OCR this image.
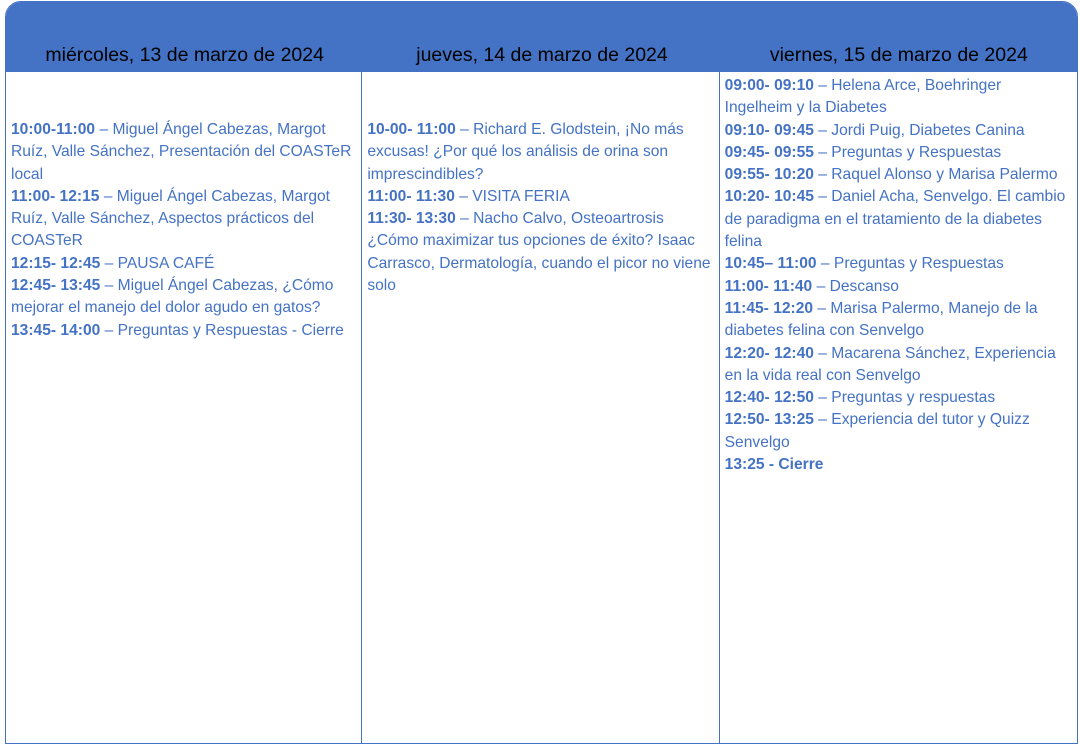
miércoles, 13 de marzo de 2024	jueves, 14 de marzo de 2024	viernes, 15 de marzo de 2024

10:00-11:00 – Miguel Ángel Cabezas, Margot Ruíz, Valle Sánchez, Presentación del COASTeR local

11:00- 12:15 – Miguel Ángel Cabezas, Margot Ruíz, Valle Sánchez, Aspectos prácticos del COASTeR

12:15- 12:45 – PAUSA CAFÉ

12:45- 13:45 – Miguel Ángel Cabezas, ¿Cómo mejorar el manejo del dolor agudo en gatos?

13:45- 14:00 – Preguntas y Respuestas - Cierre

10-00- 11:00 – Richard E. Glodstein, ¡No más excusas! ¿Por qué los análisis de orina son imprescindibles?

11:00- 11:30 – VISITA FERIA

11:30- 13:30 – Nacho Calvo, Osteoartrosis ¿Cómo maximizar tus opciones de éxito? Isaac Carrasco, Dermatología, cuando el picor no viene solo

09:00- 09:10 – Helena Arce, Boehringer Ingelheim y la Diabetes

09:10- 09:45 – Jordi Puig, Diabetes Canina

09:45- 09:55 – Preguntas y Respuestas

09:55- 10:20 – Raquel Alonso y Marisa Palermo

10:20- 10:45 – Daniel Acha, Senvelgo. El cambio de paradigma en el tratamiento de la diabetes felina

10:45– 11:00 – Preguntas y Respuestas

11:00- 11:40 – Descanso

11:45- 12:20 – Marisa Palermo, Manejo de la diabetes felina con Senvelgo

12:20- 12:40 – Macarena Sánchez, Experiencia en la vida real con Senvelgo

12:40- 12:50 – Preguntas y respuestas

12:50- 13:25 – Experiencia del tutor y Quizz Senvelgo

13:25 - Cierre
